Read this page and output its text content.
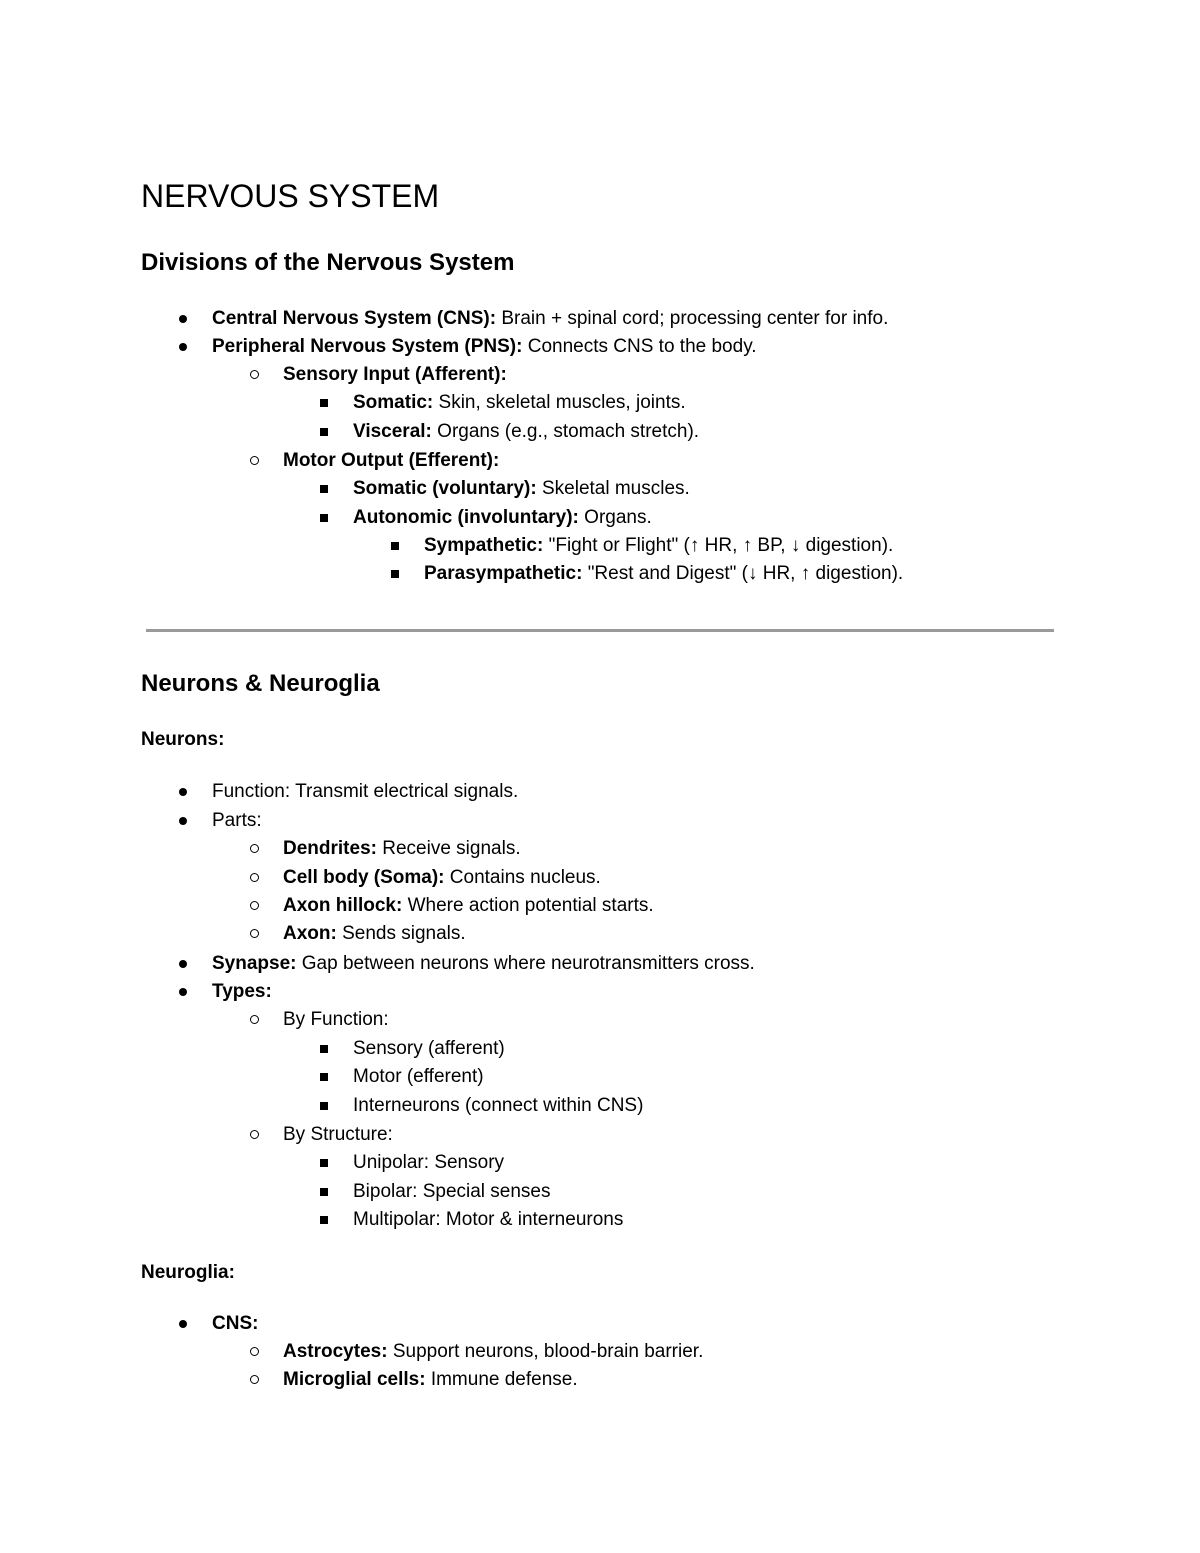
NERVOUS SYSTEM
Divisions of the Nervous System
Central Nervous System (CNS): Brain + spinal cord; processing center for info.
Peripheral Nervous System (PNS): Connects CNS to the body.
Sensory Input (Afferent):
Somatic: Skin, skeletal muscles, joints.
Visceral: Organs (e.g., stomach stretch).
Motor Output (Efferent):
Somatic (voluntary): Skeletal muscles.
Autonomic (involuntary): Organs.
Sympathetic: "Fight or Flight" (↑ HR, ↑ BP, ↓ digestion).
Parasympathetic: "Rest and Digest" (↓ HR, ↑ digestion).
Neurons & Neuroglia
Neurons:
Function: Transmit electrical signals.
Parts:
Dendrites: Receive signals.
Cell body (Soma): Contains nucleus.
Axon hillock: Where action potential starts.
Axon: Sends signals.
Synapse: Gap between neurons where neurotransmitters cross.
Types:
By Function:
Sensory (afferent)
Motor (efferent)
Interneurons (connect within CNS)
By Structure:
Unipolar: Sensory
Bipolar: Special senses
Multipolar: Motor & interneurons
Neuroglia:
CNS:
Astrocytes: Support neurons, blood-brain barrier.
Microglial cells: Immune defense.
